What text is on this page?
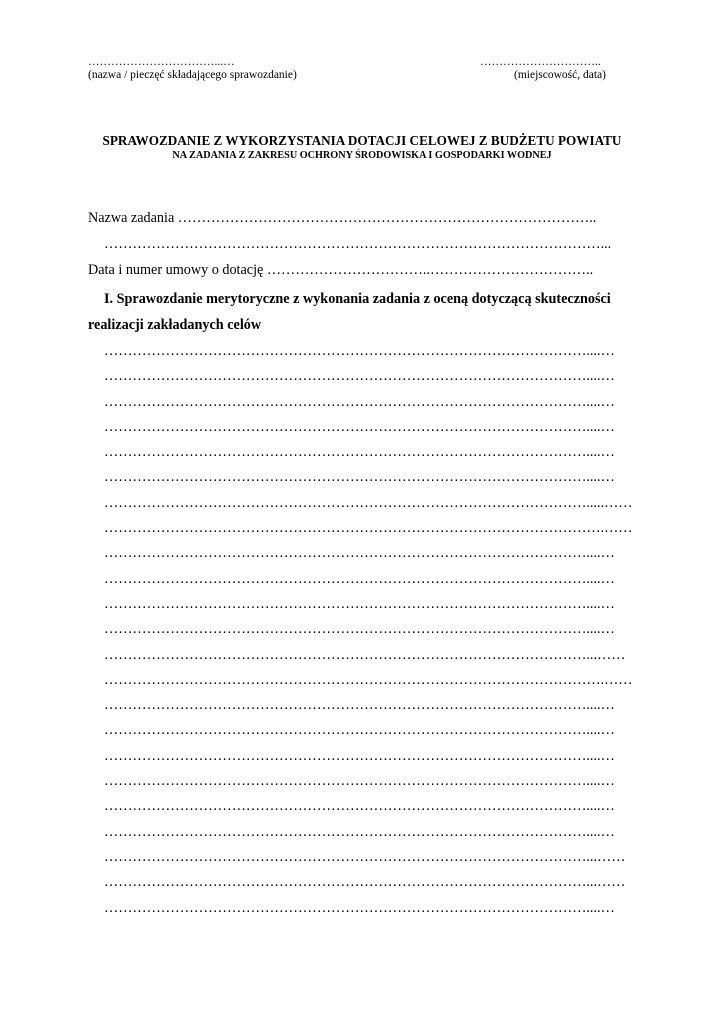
……………………………...…
(nazwa / pieczęć składającego sprawozdanie)
…………………………..
(miejscowość, data)

SPRAWOZDANIE Z WYKORZYSTANIA DOTACJI CELOWEJ Z BUDŻETU POWIATU

NA ZADANIA Z ZAKRESU OCHRONY ŚRODOWISKA I GOSPODARKI WODNEJ

Nazwa zadania ……………………………………………………………………………..
……………………………………………………………………………………………...
Data i numer umowy o dotację ……………………………..……………………………..
I. Sprawozdanie merytoryczne z wykonania zadania z oceną dotyczącą skuteczności realizacji zakładanych celów
…………………………………………………………………………………………....…
…………………………………………………………………………………………....…
…………………………………………………………………………………………....…
…………………………………………………………………………………………....…
…………………………………………………………………………………………....…
…………………………………………………………………………………………....…
………………………………………………………………………………………….....……
…………………………………………………………………………………………….……
…………………………………………………………………………………………....…
…………………………………………………………………………………………....…
…………………………………………………………………………………………....…
…………………………………………………………………………………………....…
…………………………………………………………………………………………...……
…………………………………………………………………………………………….……
…………………………………………………………………………………………....…
…………………………………………………………………………………………....…
…………………………………………………………………………………………....…
…………………………………………………………………………………………....…
…………………………………………………………………………………………....…
…………………………………………………………………………………………....…
…………………………………………………………………………………………...……
…………………………………………………………………………………………...……
…………………………………………………………………………………………....…
